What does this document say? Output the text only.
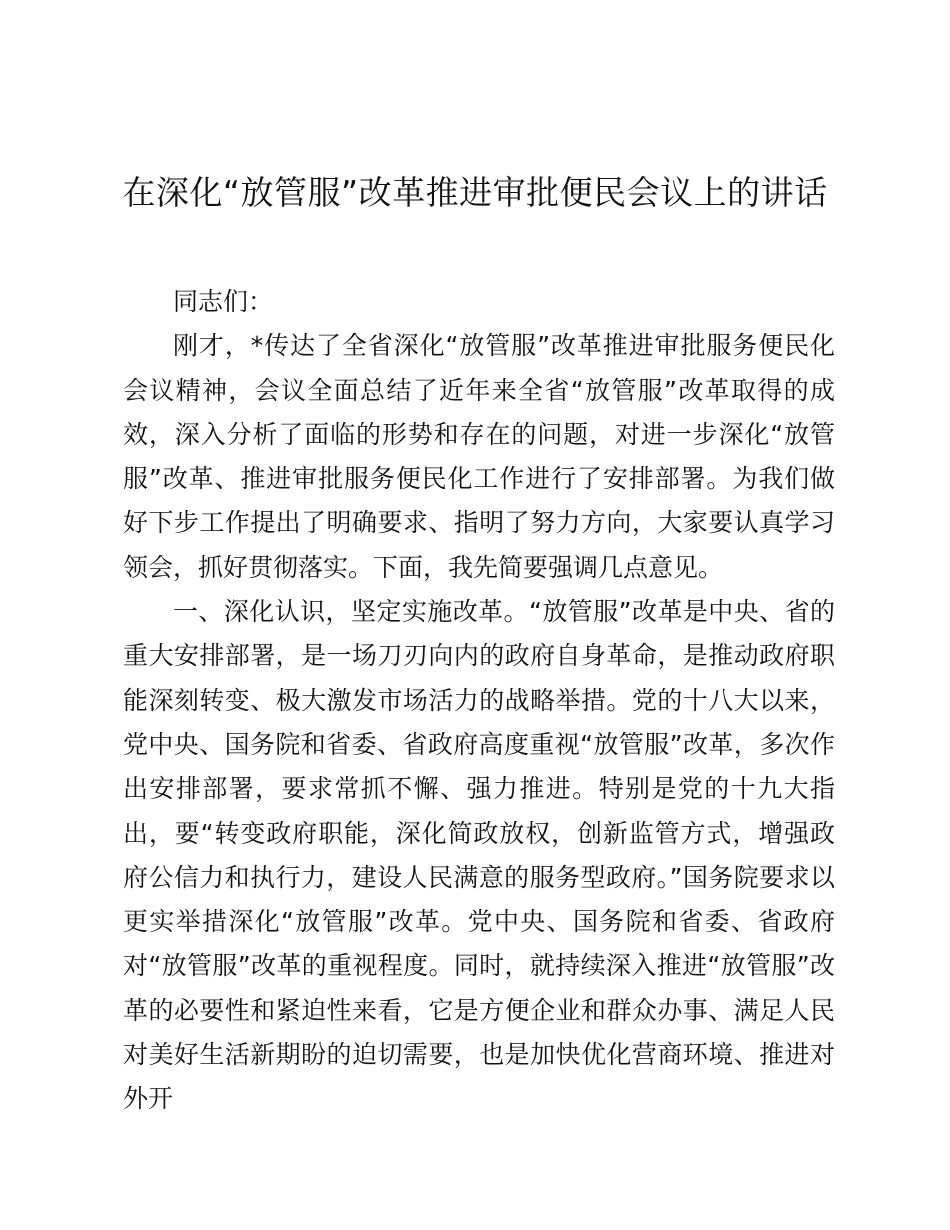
在深化“放管服”改革推进审批便民会议上的讲话

同志们：

刚才，*传达了全省深化“放管服”改革推进审批服务便民化会议精神，会议全面总结了近年来全省“放管服”改革取得的成效，深入分析了面临的形势和存在的问题，对进一步深化“放管服”改革、推进审批服务便民化工作进行了安排部署。为我们做好下步工作提出了明确要求、指明了努力方向，大家要认真学习领会，抓好贯彻落实。下面，我先简要强调几点意见。

一、深化认识，坚定实施改革。“放管服”改革是中央、省的重大安排部署，是一场刀刃向内的政府自身革命，是推动政府职能深刻转变、极大激发市场活力的战略举措。党的十八大以来，党中央、国务院和省委、省政府高度重视“放管服”改革，多次作出安排部署，要求常抓不懈、强力推进。特别是党的十九大指出，要“转变政府职能，深化简政放权，创新监管方式，增强政府公信力和执行力，建设人民满意的服务型政府。”国务院要求以更实举措深化“放管服”改革。党中央、国务院和省委、省政府对“放管服”改革的重视程度。同时，就持续深入推进“放管服”改革的必要性和紧迫性来看，它是方便企业和群众办事、满足人民对美好生活新期盼的迫切需要，也是加快优化营商环境、推进对外开
